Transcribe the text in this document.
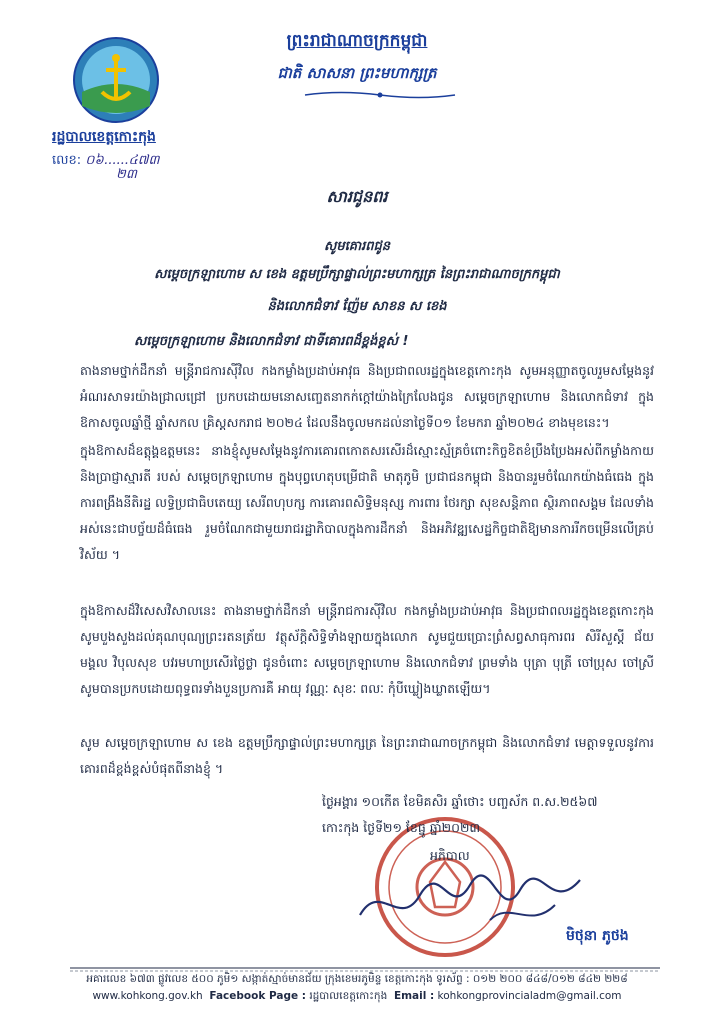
ព្រះរាជាណាចក្រកម្ពុជា
ជាតិ សាសនា ព្រះមហាក្សត្រ
រដ្ឋបាលខេត្តកោះកុង
លេខ: ០៦......៤៧៣
២៣
សារជូនពរ
សូមគោរពជូន
សម្ដេចក្រឡាហោម ស ខេង ឧត្ដមប្រឹក្សាផ្ទាល់ព្រះមហាក្សត្រ នៃព្រះរាជាណាចក្រកម្ពុជា
និងលោកជំទាវ ញ៉ែម សាខន ស ខេង
សម្ដេចក្រឡាហោម និងលោកជំទាវ ជាទីគោរពដ៏ខ្ពង់ខ្ពស់ !
តាងនាមថ្នាក់ដឹកនាំ មន្ត្រីរាជការស៊ីវិល កងកម្លាំងប្រដាប់អាវុធ និងប្រជាពលរដ្ឋក្នុងខេត្តកោះកុង សូមអនុញ្ញាតចូលរួមសម្ដែងនូវអំណរសាទរយ៉ាងជ្រាលជ្រៅ ប្រកបដោយមនោសញ្ចេតនាកក់ក្ដៅយ៉ាងក្រៃលែងជូន សម្ដេចក្រឡាហោម និងលោកជំទាវ ក្នុងឱកាសចូលឆ្នាំថ្មី ឆ្នាំសកល គ្រិស្ដសករាជ ២០២៤ ដែលនឹងចូលមកដល់នាថ្ងៃទី០១ ខែមករា ឆ្នាំ២០២៤ ខាងមុខនេះ។
ក្នុងឱកាសដ៏ឧត្ដុង្គឧត្ដមនេះ នាងខ្ញុំសូមសម្ដែងនូវការគោរពកោតសរសើរដ៏ស្មោះស្ម័គ្រចំពោះកិច្ចខិតខំប្រឹងប្រែងអស់ពីកម្លាំងកាយ និងប្រាជ្ញាស្មារតី របស់ សម្ដេចក្រឡាហោម ក្នុងបុព្វហេតុបម្រើជាតិ មាតុភូមិ ប្រជាជនកម្ពុជា និងបានរួមចំណែកយ៉ាងធំធេង ក្នុងការពង្រឹងនីតិរដ្ឋ លទ្ធិប្រជាធិបតេយ្យ សេរីពហុបក្ស ការគោរពសិទ្ធិមនុស្ស ការពារ ថែរក្សា សុខសន្តិភាព ស្ថិរភាពសង្គម ដែលទាំងអស់នេះជាបច្ច័យដ៏ធំធេង រួមចំណែកជាមួយរាជរដ្ឋាភិបាលក្នុងការដឹកនាំ និងអភិវឌ្ឍសេដ្ឋកិច្ចជាតិឱ្យមានការរីកចម្រើនលើគ្រប់វិស័យ ។
ក្នុងឱកាសដ៏វិសេសវិសាលនេះ តាងនាមថ្នាក់ដឹកនាំ មន្ត្រីរាជការស៊ីវិល កងកម្លាំងប្រដាប់អាវុធ និងប្រជាពលរដ្ឋក្នុងខេត្តកោះកុង សូមបួងសួងដល់គុណបុណ្យព្រះរតនត្រ័យ វត្ថុស័ក្តិសិទ្ធិទាំងឡាយក្នុងលោក សូមជួយប្រោះព្រំសព្វសាធុការពរ សិរីសួស្ដី ជ័យមង្គល វិបុលសុខ បវរមហាប្រសើរថ្លៃថ្លា ជូនចំពោះ សម្ដេចក្រឡាហោម និងលោកជំទាវ ព្រមទាំង បុត្រា បុត្រី ចៅប្រុស ចៅស្រី សូមបានប្រកបដោយពុទ្ធពរទាំងបួនប្រការគឺ អាយុ វណ្ណៈ សុខៈ ពលៈ កុំបីឃ្លៀងឃ្លាតឡើយ។
សូម សម្ដេចក្រឡាហោម ស ខេង ឧត្ដមប្រឹក្សាផ្ទាល់ព្រះមហាក្សត្រ នៃព្រះរាជាណាចក្រកម្ពុជា និងលោកជំទាវ មេត្តាទទួលនូវការគោរពដ៏ខ្ពង់ខ្ពស់បំផុតពីនាងខ្ញុំ ។
ថ្ងៃអង្គារ ១០កើត ខែមិគសិរ ឆ្នាំថោះ បញ្ចស័ក ព.ស.២៥៦៧
កោះកុង ថ្ងៃទី២១ ខែធ្នូ ឆ្នាំ២០២៣
អភិបាល
មិថុនា ភូថង
អគារលេខ ៦៧៣ ផ្លូវលេខ ៥០០ ភូមិ១ សង្កាត់ស្មាច់មានជ័យ ក្រុងខេមរភូមិន្ទ ខេត្តកោះកុង ទូរស័ព្ទ : ០១២ ២០០ ៨៤៨/០១២ ៨៤២ ២២៨
www.kohkong.gov.kh Facebook Page : រដ្ឋបាលខេត្តកោះកុង Email : kohkongprovincialadm@gmail.com
